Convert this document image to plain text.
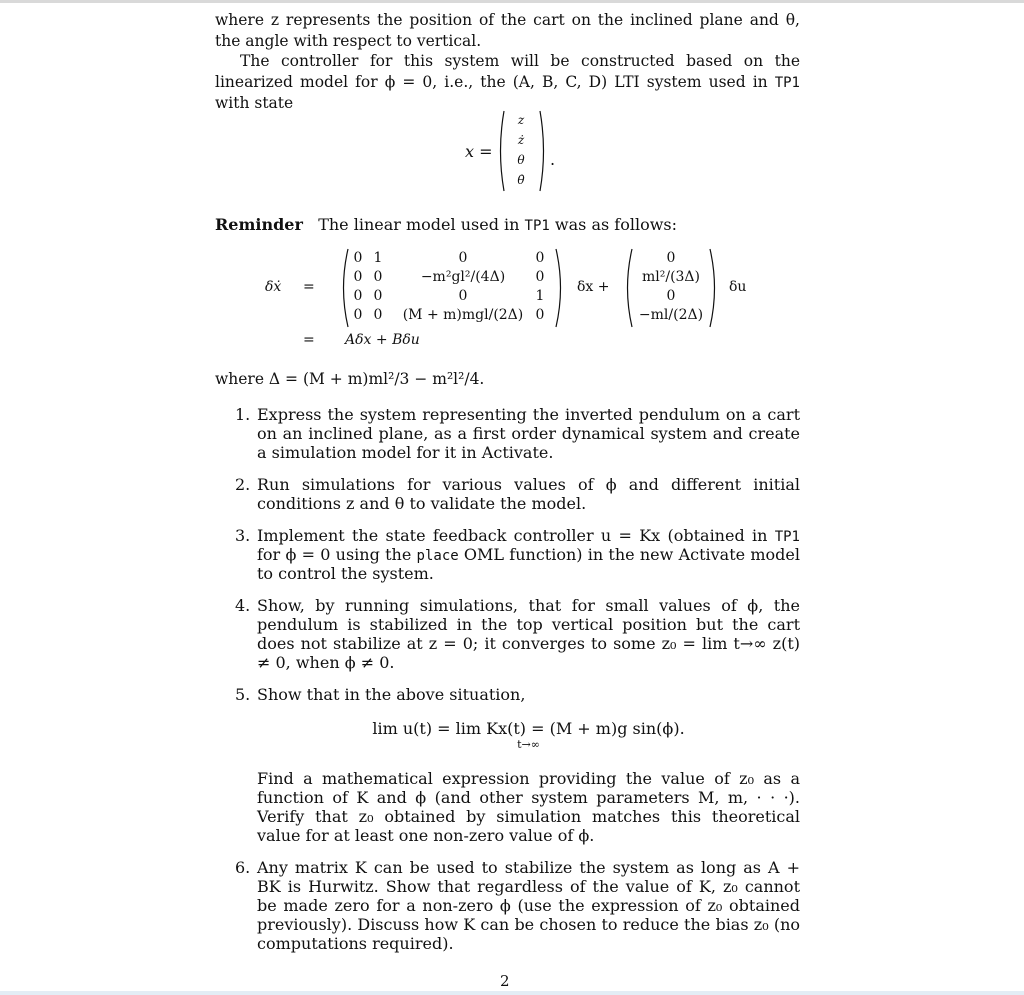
where z represents the position of the cart on the inclined plane and θ, the angle with respect to vertical.

The controller for this system will be constructed based on the linearized model for ϕ = 0, i.e., the (A, B, C, D) LTI system used in TP1 with state

x =
z
ż
θ
θ̇
.
Reminder The linear model used in TP1 was as follows:
δẋ =
0 1	0	0
0 0	−m²gl²/(4Δ)	0
0 0	0	1
0 0	(M + m)mgl/(2Δ) 0
δx +
0
ml²/(3Δ)
0
−ml/(2Δ)
δu
= Aδx + Bδu
where Δ = (M + m)ml²/3 − m²l²/4.
1. Express the system representing the inverted pendulum on a cart on an inclined plane, as a first order dynamical system and create a simulation model for it in Activate.

2. Run simulations for various values of ϕ and different initial conditions z and θ to validate the model.

3. Implement the state feedback controller u = Kx (obtained in TP1 for ϕ = 0 using the place OML function) in the new Activate model to control the system.

4. Show, by running simulations, that for small values of ϕ, the pendulum is stabilized in the top vertical position but the cart does not stabilize at z = 0; it converges to some z₀ = lim t→∞ z(t) ≠ 0, when ϕ ≠ 0.

5. Show that in the above situation,

lim u(t) = lim Kx(t) = (M + m)g sin(ϕ).
t→∞

Find a mathematical expression providing the value of z₀ as a function of K and ϕ (and other system parameters M, m, · · ·). Verify that z₀ obtained by simulation matches this theoretical value for at least one non-zero value of ϕ.

6. Any matrix K can be used to stabilize the system as long as A + BK is Hurwitz. Show that regardless of the value of K, z₀ cannot be made zero for a non-zero ϕ (use the expression of z₀ obtained previously). Discuss how K can be chosen to reduce the bias z₀ (no computations required).

2
